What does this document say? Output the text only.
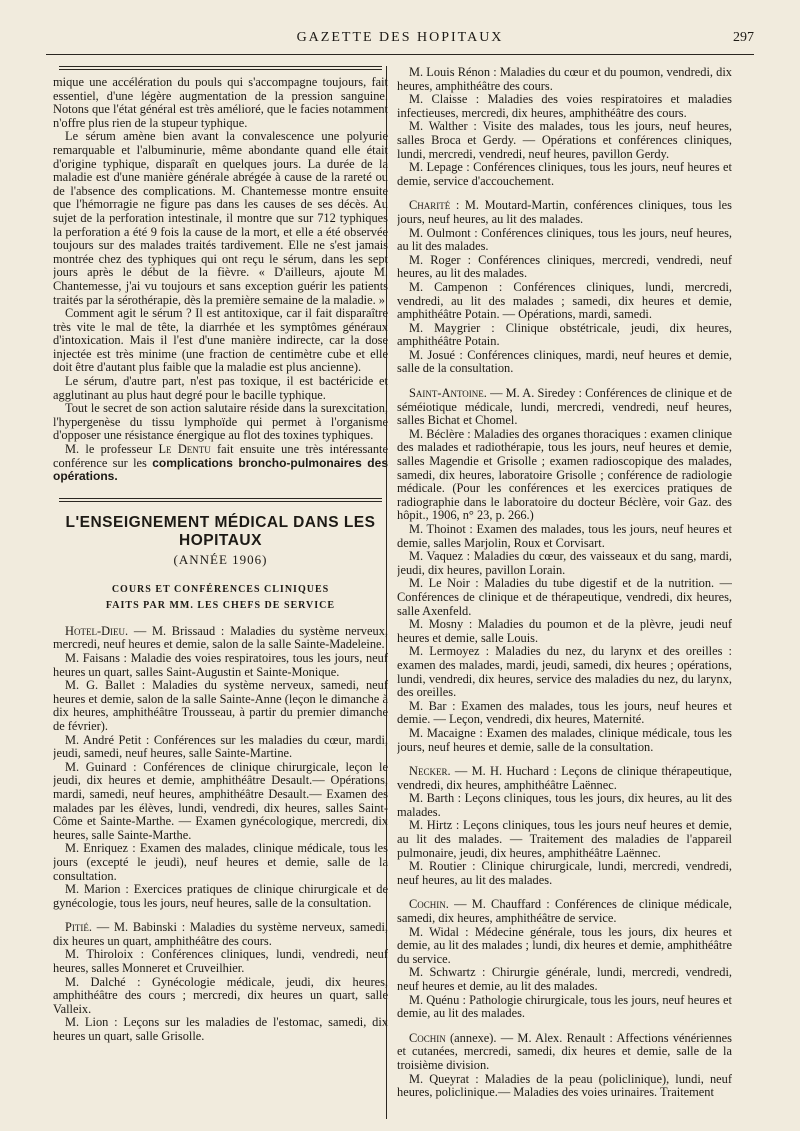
GAZETTE DES HOPITAUX	297

mique une accélération du pouls qui s'accompagne toujours, fait essentiel, d'une légère augmentation de la pression sanguine. Notons que l'état général est très amélioré, que le facies notamment n'offre plus rien de la stupeur typhique.

Le sérum amène bien avant la convalescence une polyurie remarquable et l'albuminurie, même abondante quand elle était d'origine typhique, disparaît en quelques jours. La durée de la maladie est d'une manière générale abrégée à cause de la rareté ou de l'absence des complications. M. Chantemesse montre ensuite que l'hémorragie ne figure pas dans les causes de ses décès. Au sujet de la perforation intestinale, il montre que sur 712 typhiques la perforation a été 9 fois la cause de la mort, et elle a été observée toujours sur des malades traités tardivement. Elle ne s'est jamais montrée chez des typhiques qui ont reçu le sérum, dans les sept jours après le début de la fièvre. « D'ailleurs, ajoute M. Chantemesse, j'ai vu toujours et sans exception guérir les patients traités par la sérothérapie, dès la première semaine de la maladie. »

Comment agit le sérum ? Il est antitoxique, car il fait disparaître très vite le mal de tête, la diarrhée et les symptômes généraux d'intoxication. Mais il l'est d'une manière indirecte, car la dose injectée est très minime (une fraction de centimètre cube et elle doit être d'autant plus faible que la maladie est plus ancienne).

Le sérum, d'autre part, n'est pas toxique, il est bactéricide et agglutinant au plus haut degré pour le bacille typhique.

Tout le secret de son action salutaire réside dans la surexcitation, l'hypergenèse du tissu lymphoïde qui permet à l'organisme d'opposer une résistance énergique au flot des toxines typhiques.

M. le professeur Le Dentu fait ensuite une très intéressante conférence sur les complications broncho-pulmonaires des opérations.

L'ENSEIGNEMENT MÉDICAL DANS LES HOPITAUX
(ANNÉE 1906)
COURS ET CONFÉRENCES CLINIQUES
FAITS PAR MM. LES CHEFS DE SERVICE

Hotel-Dieu. — M. Brissaud : Maladies du système nerveux, mercredi, neuf heures et demie, salon de la salle Sainte-Madeleine.

M. Faisans : Maladie des voies respiratoires, tous les jours, neuf heures un quart, salles Saint-Augustin et Sainte-Monique.

M. G. Ballet : Maladies du système nerveux, samedi, neuf heures et demie, salon de la salle Sainte-Anne (leçon le dimanche à dix heures, amphithéâtre Trousseau, à partir du premier dimanche de février).

M. André Petit : Conférences sur les maladies du cœur, mardi, jeudi, samedi, neuf heures, salle Sainte-Martine.

M. Guinard : Conférences de clinique chirurgicale, leçon le jeudi, dix heures et demie, amphithéâtre Desault.— Opérations, mardi, samedi, neuf heures, amphithéâtre Desault.— Examen des malades par les élèves, lundi, vendredi, dix heures, salles Saint-Côme et Sainte-Marthe. — Examen gynécologique, mercredi, dix heures, salle Sainte-Marthe.

M. Enriquez : Examen des malades, clinique médicale, tous les jours (excepté le jeudi), neuf heures et demie, salle de la consultation.

M. Marion : Exercices pratiques de clinique chirurgicale et de gynécologie, tous les jours, neuf heures, salle de la consultation.

Pitié. — M. Babinski : Maladies du système nerveux, samedi, dix heures un quart, amphithéâtre des cours.

M. Thiroloix : Conférences cliniques, lundi, vendredi, neuf heures, salles Monneret et Cruveilhier.

M. Dalché : Gynécologie médicale, jeudi, dix heures, amphithéâtre des cours ; mercredi, dix heures un quart, salle Valleix.

M. Lion : Leçons sur les maladies de l'estomac, samedi, dix heures un quart, salle Grisolle.

M. Louis Rénon : Maladies du cœur et du poumon, vendredi, dix heures, amphithéâtre des cours.

M. Claisse : Maladies des voies respiratoires et maladies infectieuses, mercredi, dix heures, amphithéâtre des cours.

M. Walther : Visite des malades, tous les jours, neuf heures, salles Broca et Gerdy. — Opérations et conférences cliniques, lundi, mercredi, vendredi, neuf heures, pavillon Gerdy.

M. Lepage : Conférences cliniques, tous les jours, neuf heures et demie, service d'accouchement.

Charité : M. Moutard-Martin, conférences cliniques, tous les jours, neuf heures, au lit des malades.

M. Oulmont : Conférences cliniques, tous les jours, neuf heures, au lit des malades.

M. Roger : Conférences cliniques, mercredi, vendredi, neuf heures, au lit des malades.

M. Campenon : Conférences cliniques, lundi, mercredi, vendredi, au lit des malades ; samedi, dix heures et demie, amphithéâtre Potain. — Opérations, mardi, samedi.

M. Maygrier : Clinique obstétricale, jeudi, dix heures, amphithéâtre Potain.

M. Josué : Conférences cliniques, mardi, neuf heures et demie, salle de la consultation.

Saint-Antoine. — M. A. Siredey : Conférences de clinique et de séméiotique médicale, lundi, mercredi, vendredi, neuf heures, salles Bichat et Chomel.

M. Béclère : Maladies des organes thoraciques : examen clinique des malades et radiothérapie, tous les jours, neuf heures et demie, salles Magendie et Grisolle ; examen radioscopique des malades, samedi, dix heures, laboratoire Grisolle ; conférence de radiologie médicale. (Pour les conférences et les exercices pratiques de radiographie dans le laboratoire du docteur Béclère, voir Gaz. des hôpit., 1906, n° 23, p. 266.)

M. Thoinot : Examen des malades, tous les jours, neuf heures et demie, salles Marjolin, Roux et Corvisart.

M. Vaquez : Maladies du cœur, des vaisseaux et du sang, mardi, jeudi, dix heures, pavillon Lorain.

M. Le Noir : Maladies du tube digestif et de la nutrition. — Conférences de clinique et de thérapeutique, vendredi, dix heures, salle Axenfeld.

M. Mosny : Maladies du poumon et de la plèvre, jeudi neuf heures et demie, salle Louis.

M. Lermoyez : Maladies du nez, du larynx et des oreilles : examen des malades, mardi, jeudi, samedi, dix heures ; opérations, lundi, vendredi, dix heures, service des maladies du nez, du larynx, des oreilles.

M. Bar : Examen des malades, tous les jours, neuf heures et demie. — Leçon, vendredi, dix heures, Maternité.

M. Macaigne : Examen des malades, clinique médicale, tous les jours, neuf heures et demie, salle de la consultation.

Necker. — M. H. Huchard : Leçons de clinique thérapeutique, vendredi, dix heures, amphithéâtre Laënnec.

M. Barth : Leçons cliniques, tous les jours, dix heures, au lit des malades.

M. Hirtz : Leçons cliniques, tous les jours neuf heures et demie, au lit des malades. — Traitement des maladies de l'appareil pulmonaire, jeudi, dix heures, amphithéâtre Laënnec.

M. Routier : Clinique chirurgicale, lundi, mercredi, vendredi, neuf heures, au lit des malades.

Cochin. — M. Chauffard : Conférences de clinique médicale, samedi, dix heures, amphithéâtre de service.

M. Widal : Médecine générale, tous les jours, dix heures et demie, au lit des malades ; lundi, dix heures et demie, amphithéâtre du service.

M. Schwartz : Chirurgie générale, lundi, mercredi, vendredi, neuf heures et demie, au lit des malades.

M. Quénu : Pathologie chirurgicale, tous les jours, neuf heures et demie, au lit des malades.

Cochin (annexe). — M. Alex. Renault : Affections vénériennes et cutanées, mercredi, samedi, dix heures et demie, salle de la troisième division.

M. Queyrat : Maladies de la peau (policlinique), lundi, neuf heures, policlinique.— Maladies des voies urinaires. Traitement
